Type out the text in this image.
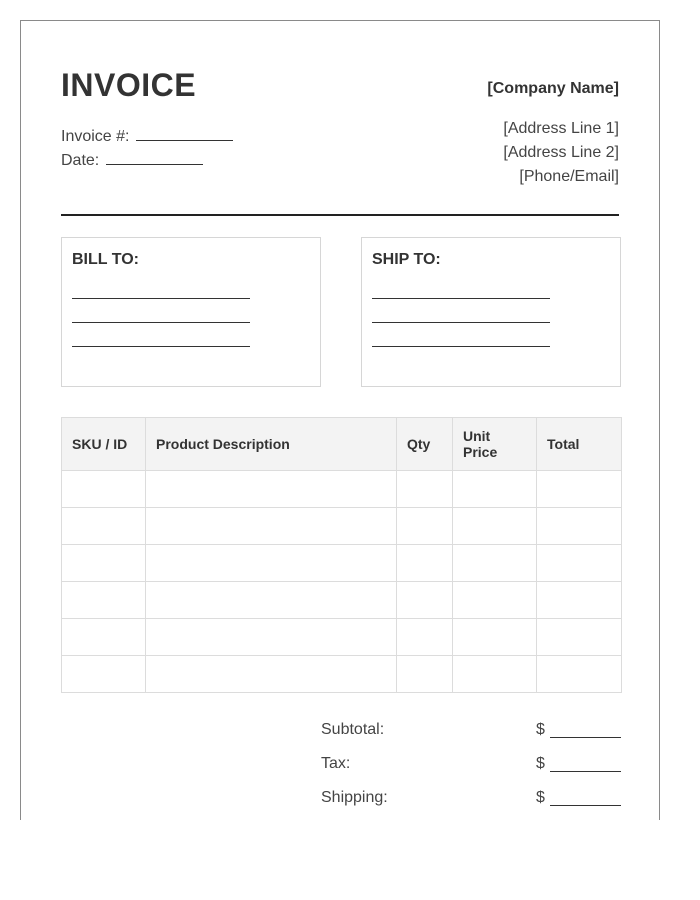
INVOICE
Invoice #:
Date:
[Company Name]
[Address Line 1]
[Address Line 2]
[Phone/Email]
BILL TO:	SHIP TO:
SKU / ID	Product Description	Qty	Unit Price	Total

Subtotal:	$
Tax:	$
Shipping:	$
